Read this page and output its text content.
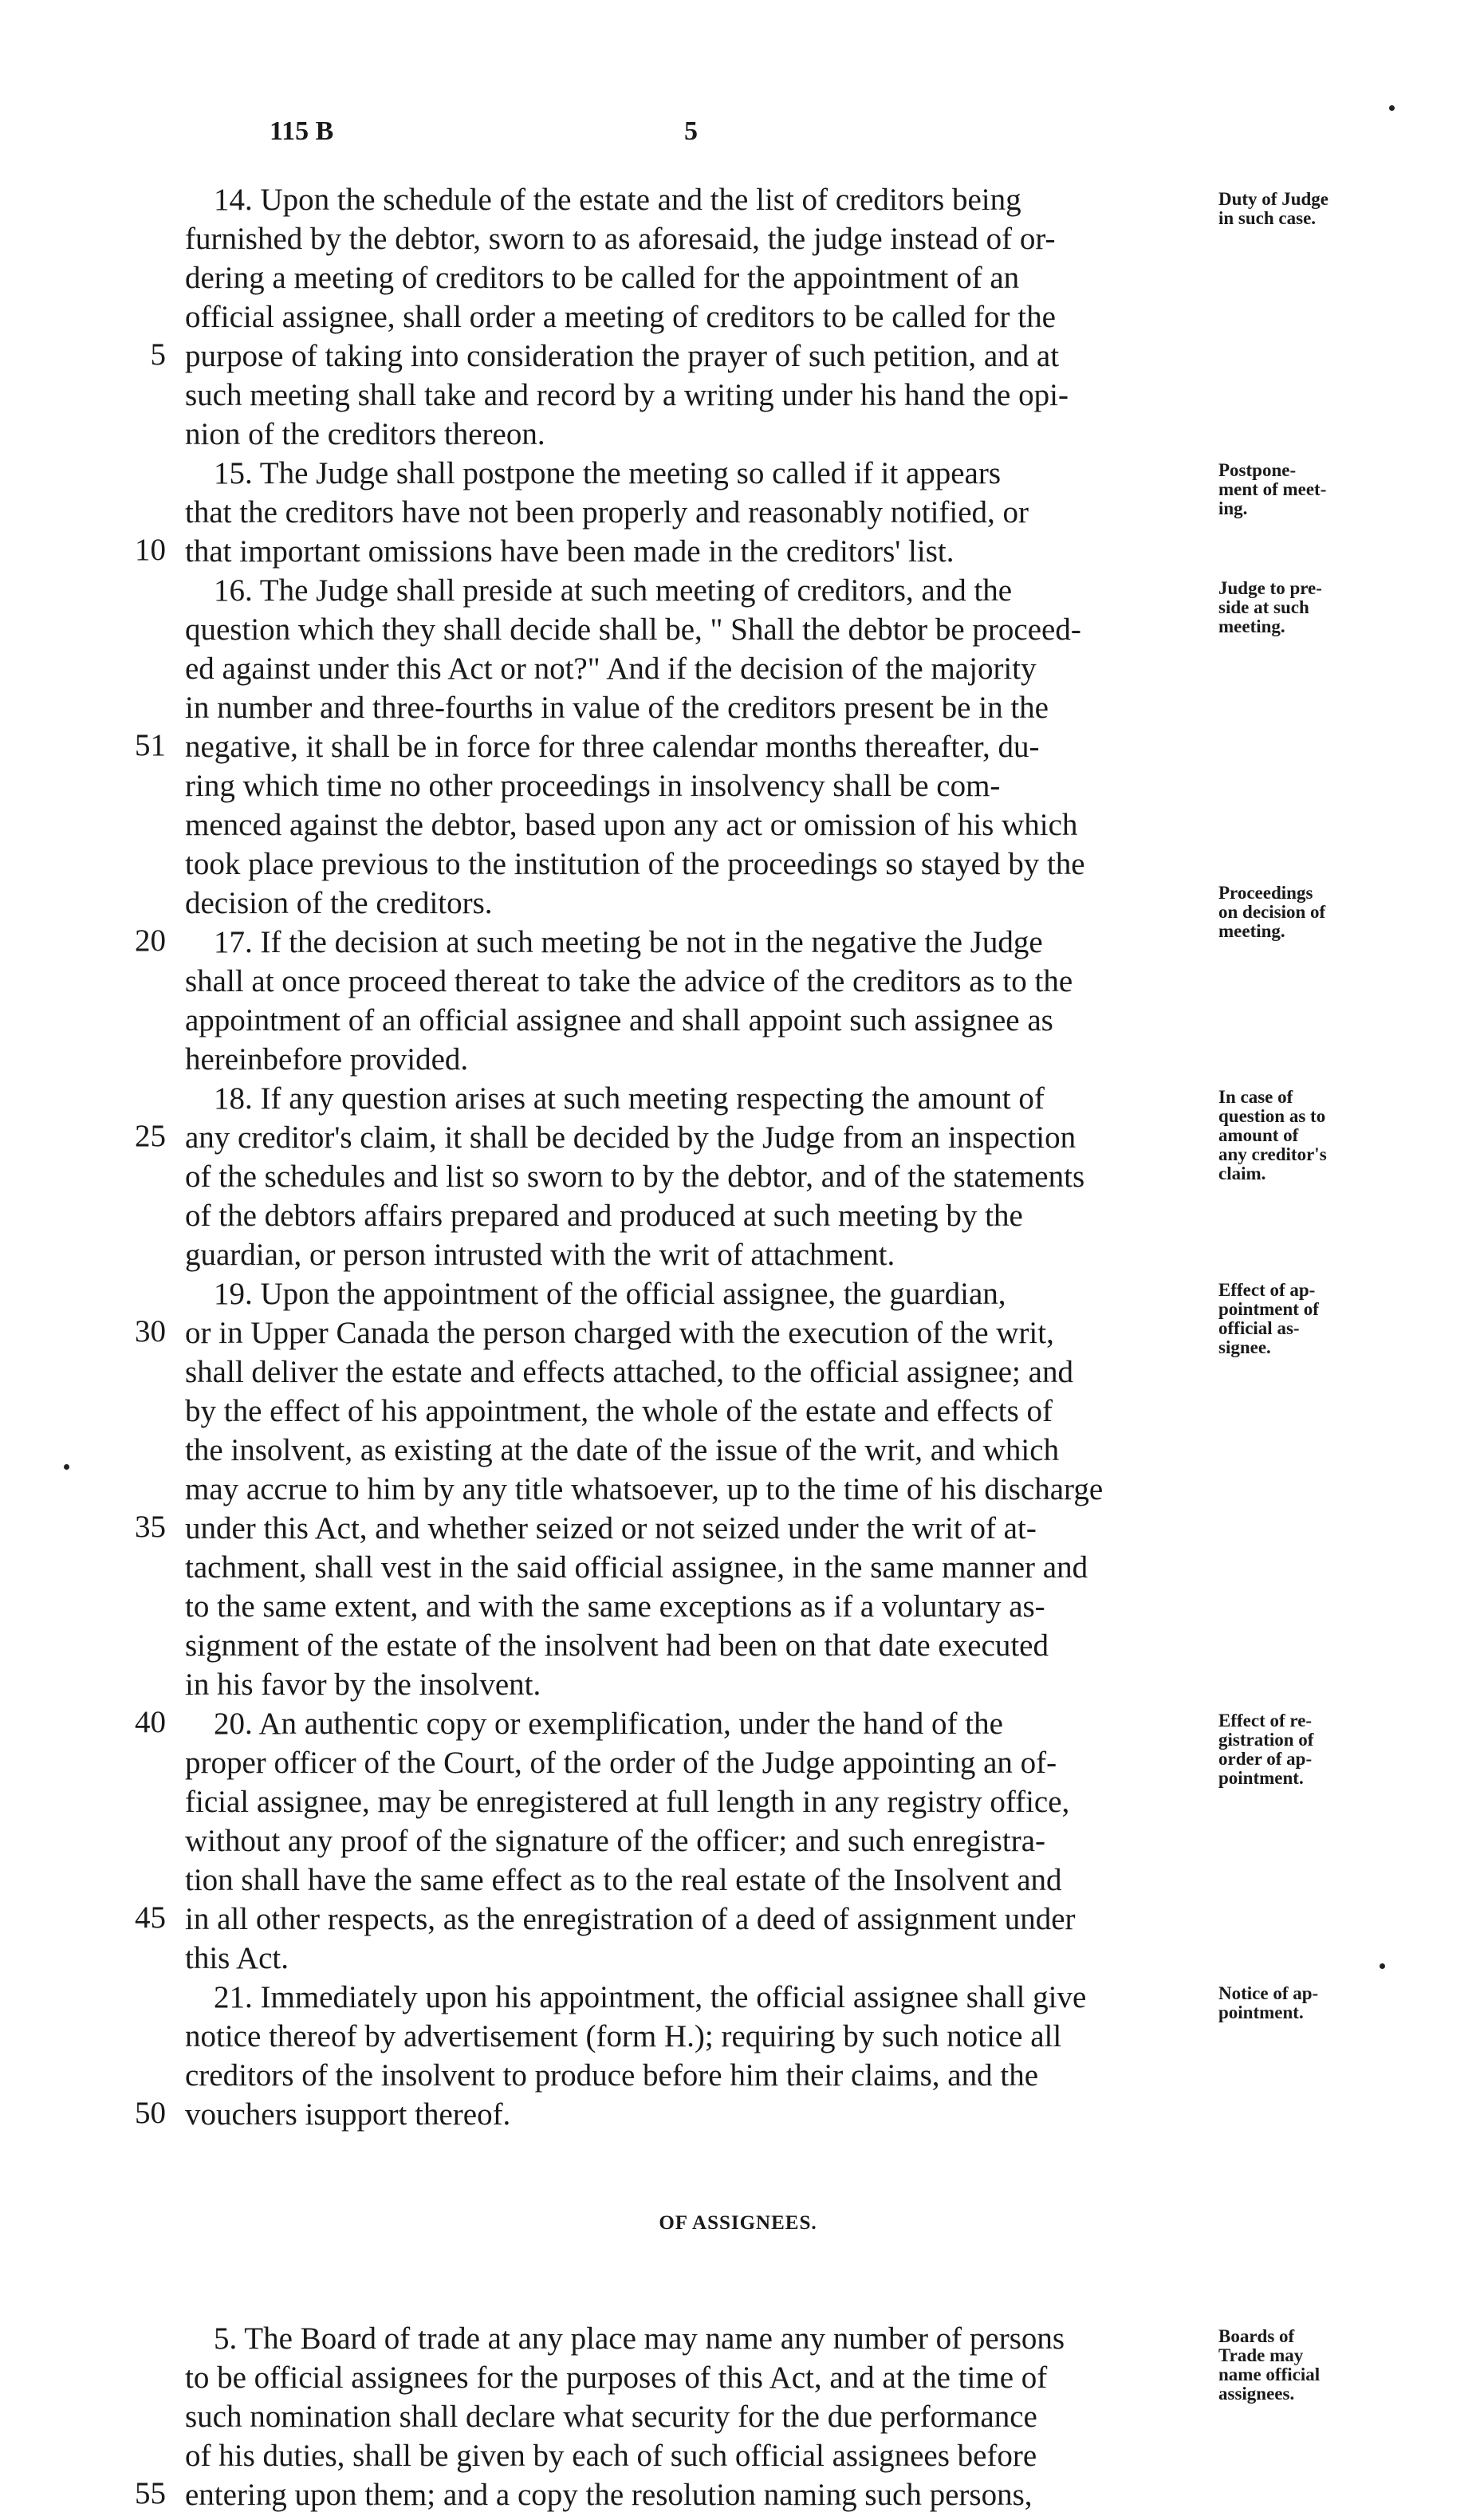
115 B	5
14. Upon the schedule of the estate and the list of creditors being
furnished by the debtor, sworn to as aforesaid, the judge instead of or-
dering a meeting of creditors to be called for the appointment of an
official assignee, shall order a meeting of creditors to be called for the
purpose of taking into consideration the prayer of such petition, and at
such meeting shall take and record by a writing under his hand the opi-
nion of the creditors thereon.
15. The Judge shall postpone the meeting so called if it appears
that the creditors have not been properly and reasonably notified, or
that important omissions have been made in the creditors' list.
16. The Judge shall preside at such meeting of creditors, and the
question which they shall decide shall be, " Shall the debtor be proceed-
ed against under this Act or not?" And if the decision of the majority
in number and three-fourths in value of the creditors present be in the
negative, it shall be in force for three calendar months thereafter, du-
ring which time no other proceedings in insolvency shall be com-
menced against the debtor, based upon any act or omission of his which
took place previous to the institution of the proceedings so stayed by the
decision of the creditors.
17. If the decision at such meeting be not in the negative the Judge
shall at once proceed thereat to take the advice of the creditors as to the
appointment of an official assignee and shall appoint such assignee as
hereinbefore provided.
18. If any question arises at such meeting respecting the amount of
any creditor's claim, it shall be decided by the Judge from an inspection
of the schedules and list so sworn to by the debtor, and of the statements
of the debtors affairs prepared and produced at such meeting by the
guardian, or person intrusted with the writ of attachment.
19. Upon the appointment of the official assignee, the guardian,
or in Upper Canada the person charged with the execution of the writ,
shall deliver the estate and effects attached, to the official assignee; and
by the effect of his appointment, the whole of the estate and effects of
the insolvent, as existing at the date of the issue of the writ, and which
may accrue to him by any title whatsoever, up to the time of his discharge
under this Act, and whether seized or not seized under the writ of at-
tachment, shall vest in the said official assignee, in the same manner and
to the same extent, and with the same exceptions as if a voluntary as-
signment of the estate of the insolvent had been on that date executed
in his favor by the insolvent.
20. An authentic copy or exemplification, under the hand of the
proper officer of the Court, of the order of the Judge appointing an of-
ficial assignee, may be enregistered at full length in any registry office,
without any proof of the signature of the officer; and such enregistra-
tion shall have the same effect as to the real estate of the Insolvent and
in all other respects, as the enregistration of a deed of assignment under
this Act.
21. Immediately upon his appointment, the official assignee shall give
notice thereof by advertisement (form H.); requiring by such notice all
creditors of the insolvent to produce before him their claims, and the
vouchers isupport thereof.
5
10
51
20
25
30
35
40
45
50
Duty of Judge
in such case.
Postpone-
ment of meet-
ing.
Judge to pre-
side at such
meeting.
Proceedings
on decision of
meeting.
In case of
question as to
amount of
any creditor's
claim.
Effect of ap-
pointment of
official as-
signee.
Effect of re-
gistration of
order of ap-
pointment.
Notice of ap-
pointment.
Boards of
Trade may
name official
assignees.
OF ASSIGNEES.
5. The Board of trade at any place may name any number of persons
to be official assignees for the purposes of this Act, and at the time of
such nomination shall declare what security for the due performance
of his duties, shall be given by each of such official assignees before
entering upon them; and a copy the resolution naming such persons,
55
